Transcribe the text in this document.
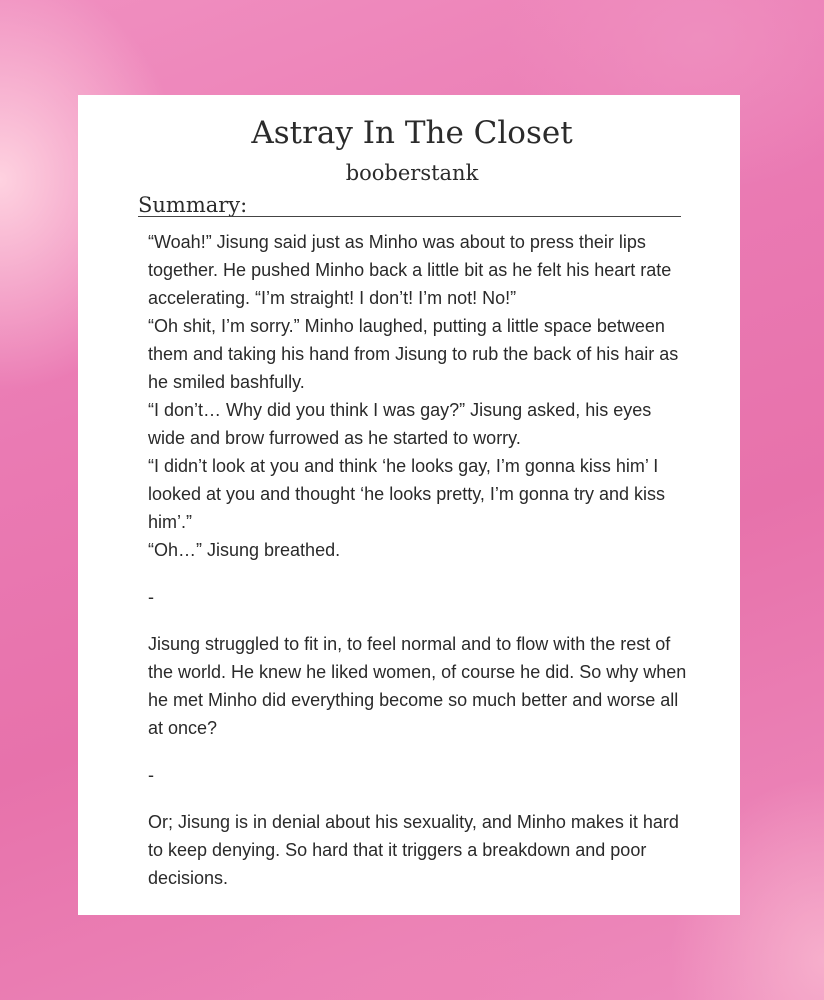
Astray In The Closet
booberstank
Summary:

“Woah!” Jisung said just as Minho was about to press their lips together. He pushed Minho back a little bit as he felt his heart rate accelerating. “I’m straight! I don’t! I’m not! No!”

“Oh shit, I’m sorry.” Minho laughed, putting a little space between them and taking his hand from Jisung to rub the back of his hair as he smiled bashfully.

“I don’t… Why did you think I was gay?” Jisung asked, his eyes wide and brow furrowed as he started to worry.

“I didn’t look at you and think ‘he looks gay, I’m gonna kiss him’ I looked at you and thought ‘he looks pretty, I’m gonna try and kiss him’.”

“Oh…” Jisung breathed.

-

Jisung struggled to fit in, to feel normal and to flow with the rest of the world. He knew he liked women, of course he did. So why when he met Minho did everything become so much better and worse all at once?

-

Or; Jisung is in denial about his sexuality, and Minho makes it hard to keep denying. So hard that it triggers a breakdown and poor decisions.
